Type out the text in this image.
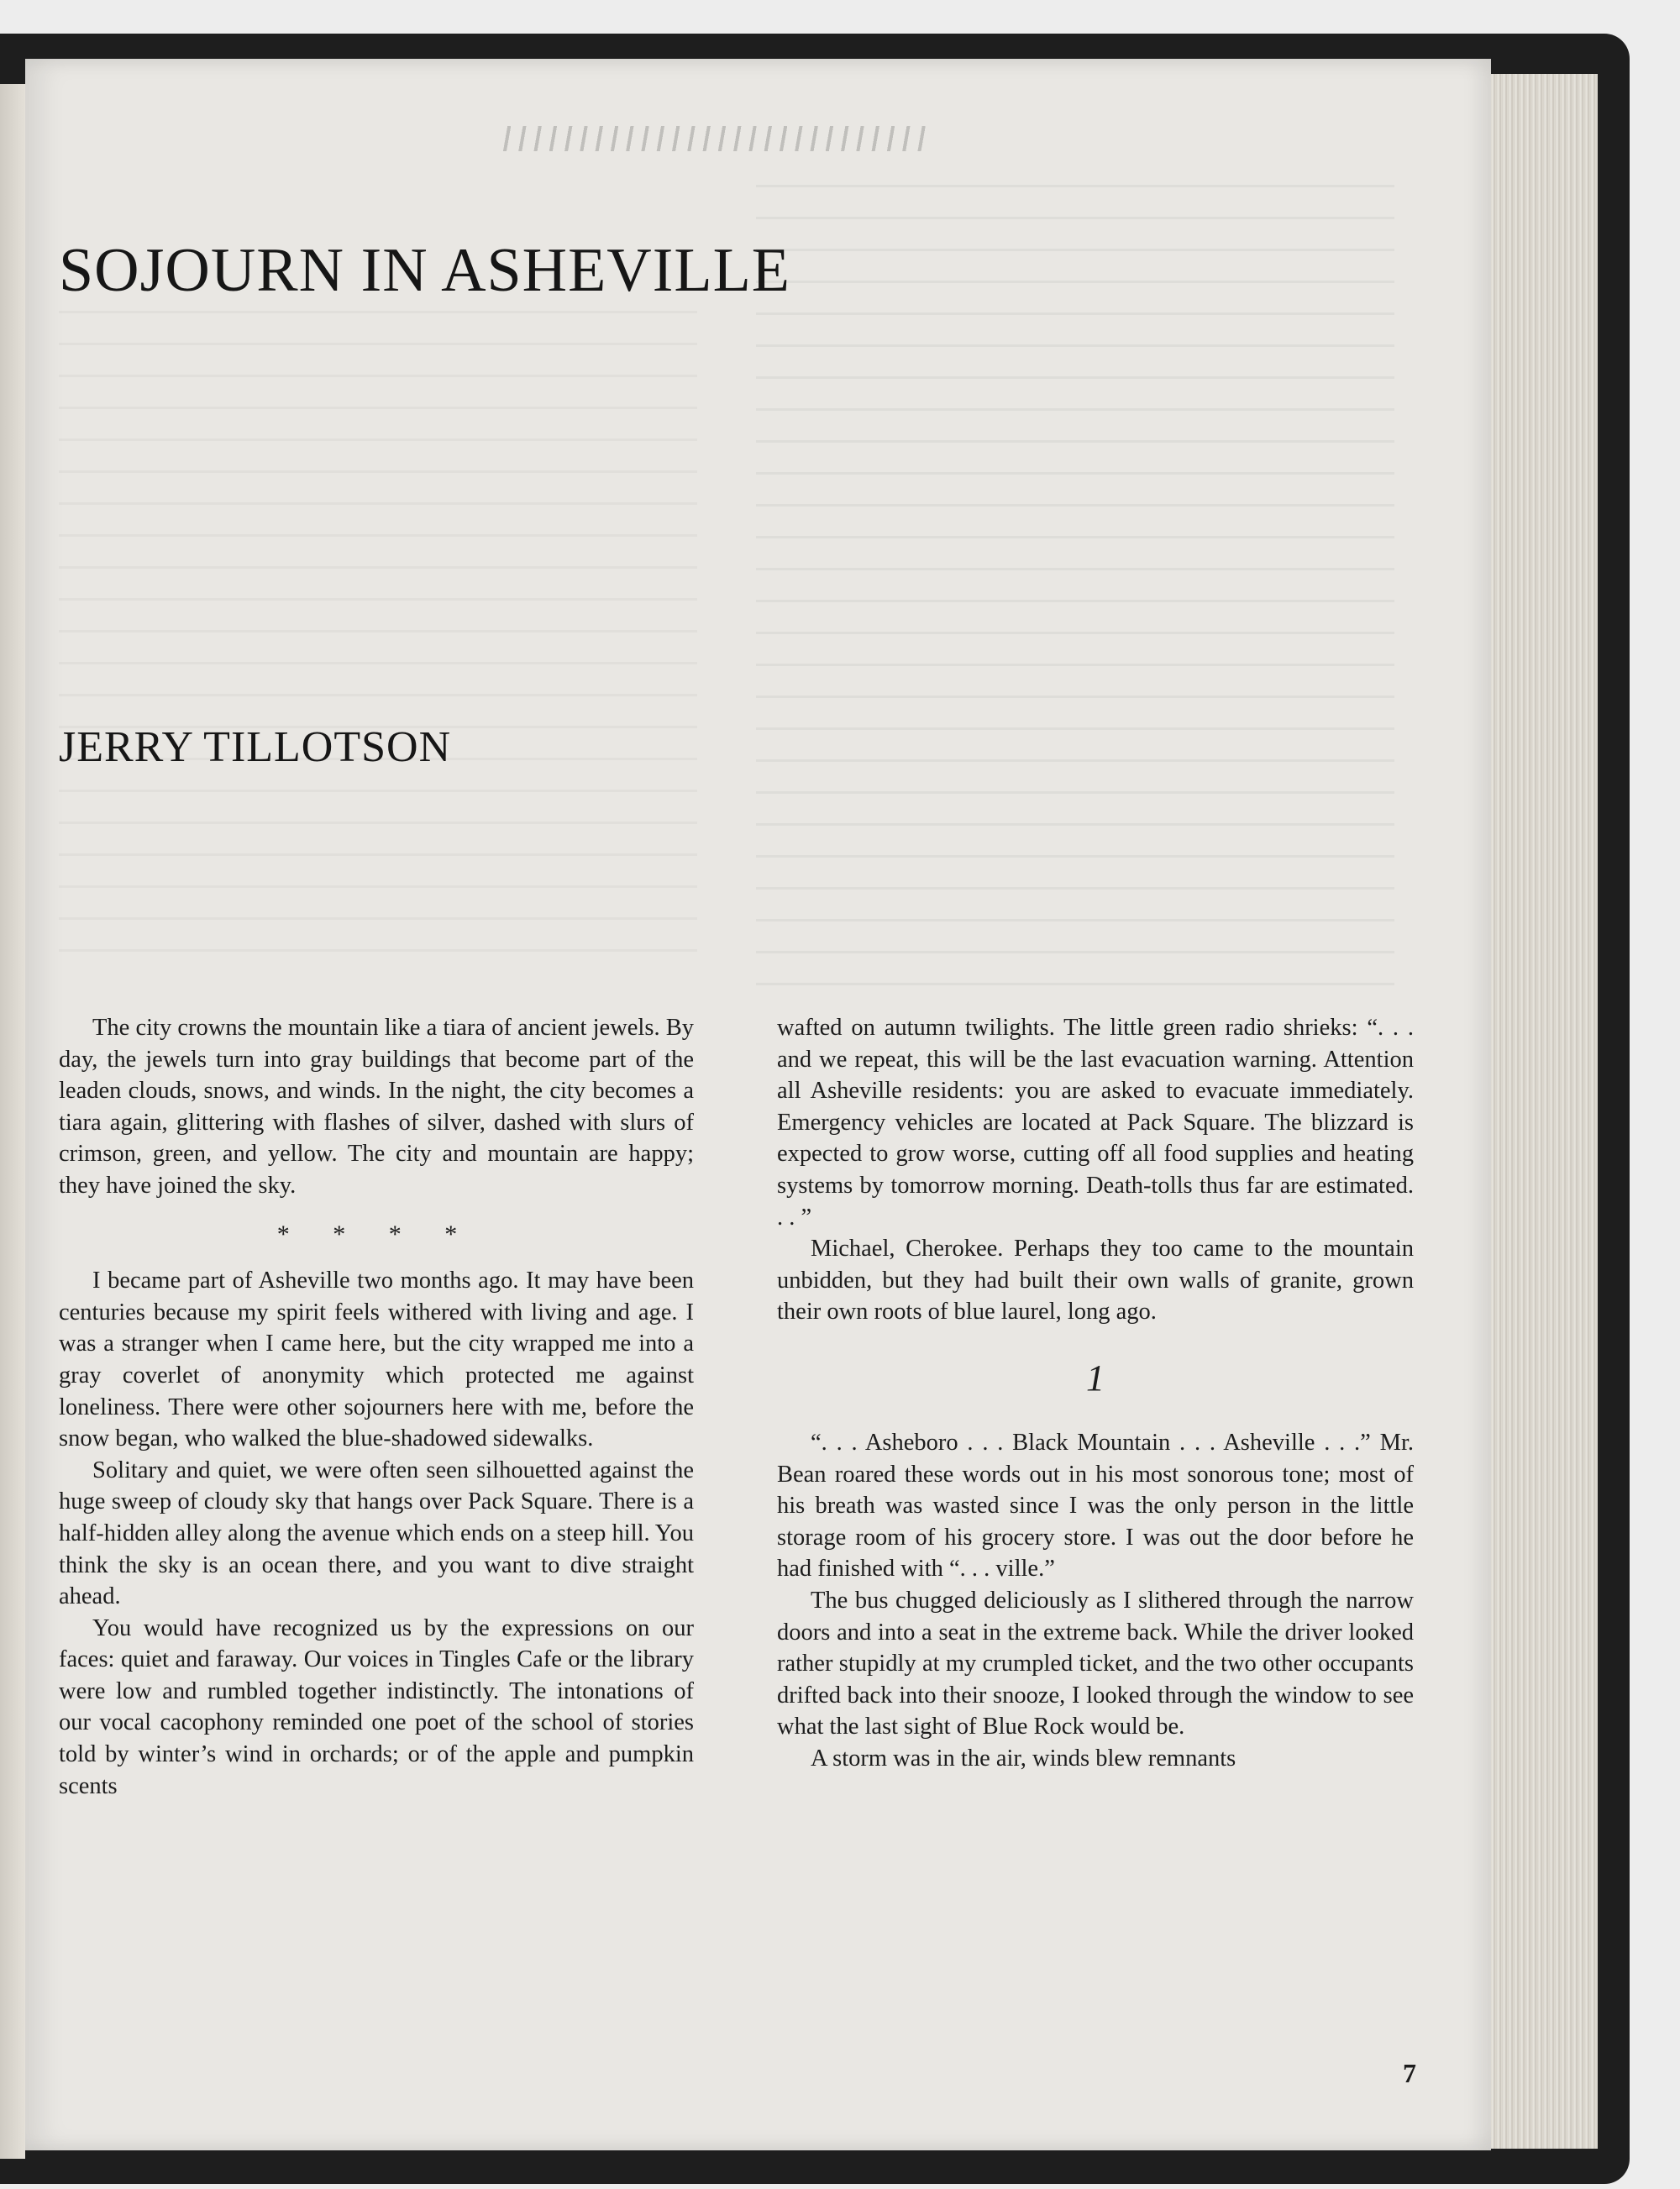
SOJOURN IN ASHEVILLE
JERRY TILLOTSON

The city crowns the mountain like a tiara of ancient jewels. By day, the jewels turn into gray buildings that become part of the leaden clouds, snows, and winds. In the night, the city becomes a tiara again, glittering with flashes of silver, dashed with slurs of crimson, green, and yellow. The city and mountain are happy; they have joined the sky.

* * * *

I became part of Asheville two months ago. It may have been centuries because my spirit feels withered with living and age. I was a stranger when I came here, but the city wrapped me into a gray coverlet of anonymity which protected me against loneliness. There were other sojourners here with me, before the snow began, who walked the blue-shadowed sidewalks.

Solitary and quiet, we were often seen silhouetted against the huge sweep of cloudy sky that hangs over Pack Square. There is a half-hidden alley along the avenue which ends on a steep hill. You think the sky is an ocean there, and you want to dive straight ahead.

You would have recognized us by the expressions on our faces: quiet and faraway. Our voices in Tingles Cafe or the library were low and rumbled together indistinctly. The intonations of our vocal cacophony reminded one poet of the school of stories told by winter’s wind in orchards; or of the apple and pumpkin scents

wafted on autumn twilights. The little green radio shrieks: “. . . and we repeat, this will be the last evacuation warning. Attention all Asheville residents: you are asked to evacuate immediately. Emergency vehicles are located at Pack Square. The blizzard is expected to grow worse, cutting off all food supplies and heating systems by tomorrow morning. Death-tolls thus far are estimated. . . ”

Michael, Cherokee. Perhaps they too came to the mountain unbidden, but they had built their own walls of granite, grown their own roots of blue laurel, long ago.

1

“. . . Asheboro . . . Black Mountain . . . Asheville . . .” Mr. Bean roared these words out in his most sonorous tone; most of his breath was wasted since I was the only person in the little storage room of his grocery store. I was out the door before he had finished with “. . . ville.”

The bus chugged deliciously as I slithered through the narrow doors and into a seat in the extreme back. While the driver looked rather stupidly at my crumpled ticket, and the two other occupants drifted back into their snooze, I looked through the window to see what the last sight of Blue Rock would be.

A storm was in the air, winds blew remnants

7
